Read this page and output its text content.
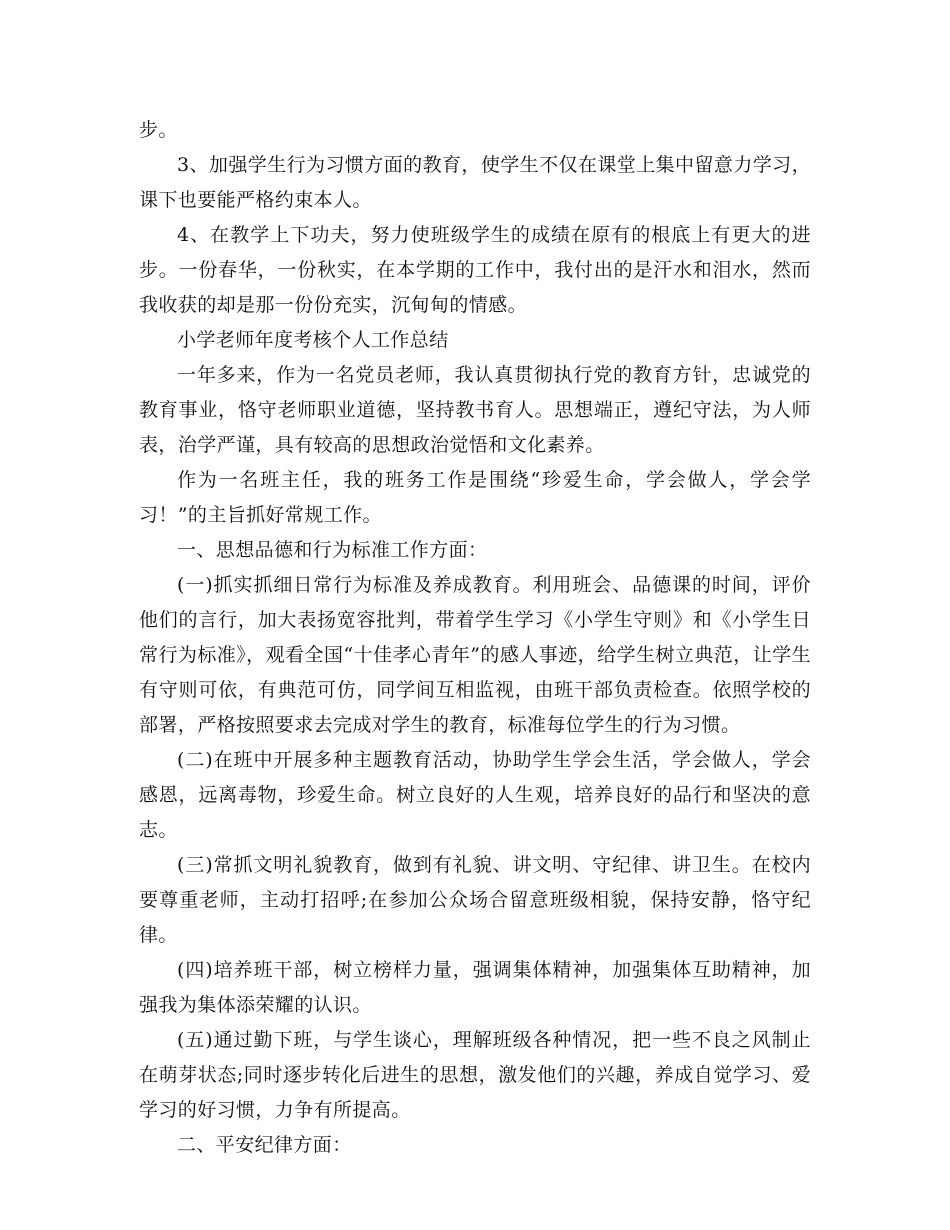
步。

3、加强学生行为习惯方面的教育，使学生不仅在课堂上集中留意力学习，课下也要能严格约束本人。

4、在教学上下功夫，努力使班级学生的成绩在原有的根底上有更大的进步。一份春华，一份秋实，在本学期的工作中，我付出的是汗水和泪水，然而我收获的却是那一份份充实，沉甸甸的情感。

小学老师年度考核个人工作总结

一年多来，作为一名党员老师，我认真贯彻执行党的教育方针，忠诚党的教育事业，恪守老师职业道德，坚持教书育人。思想端正，遵纪守法，为人师表，治学严谨，具有较高的思想政治觉悟和文化素养。

作为一名班主任，我的班务工作是围绕“珍爱生命，学会做人，学会学习！”的主旨抓好常规工作。

一、思想品德和行为标准工作方面：

(一)抓实抓细日常行为标准及养成教育。利用班会、品德课的时间，评价他们的言行，加大表扬宽容批判，带着学生学习《小学生守则》和《小学生日常行为标准》，观看全国“十佳孝心青年”的感人事迹，给学生树立典范，让学生有守则可依，有典范可仿，同学间互相监视，由班干部负责检查。依照学校的部署，严格按照要求去完成对学生的教育，标准每位学生的行为习惯。

(二)在班中开展多种主题教育活动，协助学生学会生活，学会做人，学会感恩，远离毒物，珍爱生命。树立良好的人生观，培养良好的品行和坚决的意志。

(三)常抓文明礼貌教育，做到有礼貌、讲文明、守纪律、讲卫生。在校内要尊重老师，主动打招呼;在参加公众场合留意班级相貌，保持安静，恪守纪律。

(四)培养班干部，树立榜样力量，强调集体精神，加强集体互助精神，加强我为集体添荣耀的认识。

(五)通过勤下班，与学生谈心，理解班级各种情况，把一些不良之风制止在萌芽状态;同时逐步转化后进生的思想，激发他们的兴趣，养成自觉学习、爱学习的好习惯，力争有所提高。

二、平安纪律方面：
